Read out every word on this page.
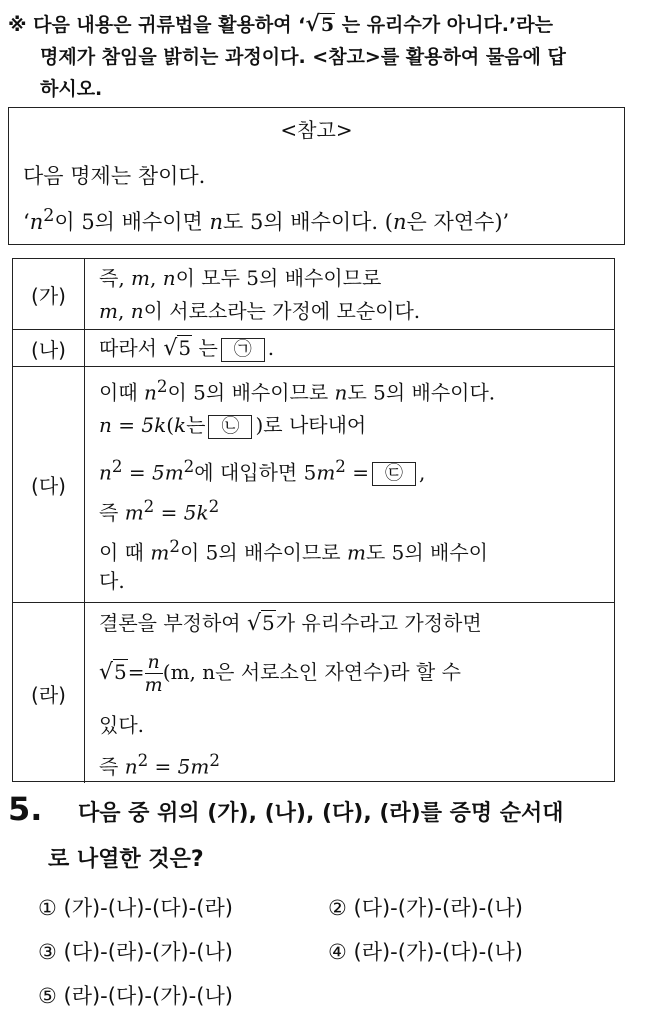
※ 다음 내용은 귀류법을 활용하여 ‘√5 는 유리수가 아니다.’라는
명제가 참임을 밝히는 과정이다. <참고>를 활용하여 물음에 답
하시오.
<참고>
다음 명제는 참이다.
‘$n^2$이 5의 배수이면 n도 5의 배수이다. (n은 자연수)’
(가)
즉, m, n이 모두 5의 배수이므로
m, n이 서로소라는 가정에 모순이다.
(나)	따라서 √5 는 ㉠ .
(다)
이때 $n^2$이 5의 배수이므로 n도 5의 배수이다.
n = 5k(k는 ㉡ )로 나타내어
$n^2 = 5m^2$에 대입하면 $5m^2$ = ㉢ ,
즉 $m^2 = 5k^2$
이 때 $m^2$이 5의 배수이므로 m도 5의 배수이
다.
(라)
결론을 부정하여 √5가 유리수라고 가정하면
$√5= \frac{n}{m} (m$, n은 서로소인 자연수)라 할 수
있다.
즉 $n^2 = 5m^2$
5. 다음 중 위의 (가), (나), (다), (라)를 증명 순서대
로 나열한 것은?
① (가)-(나)-(다)-(라)	② (다)-(가)-(라)-(나)
③ (다)-(라)-(가)-(나)	④ (라)-(가)-(다)-(나)
⑤ (라)-(다)-(가)-(나)
